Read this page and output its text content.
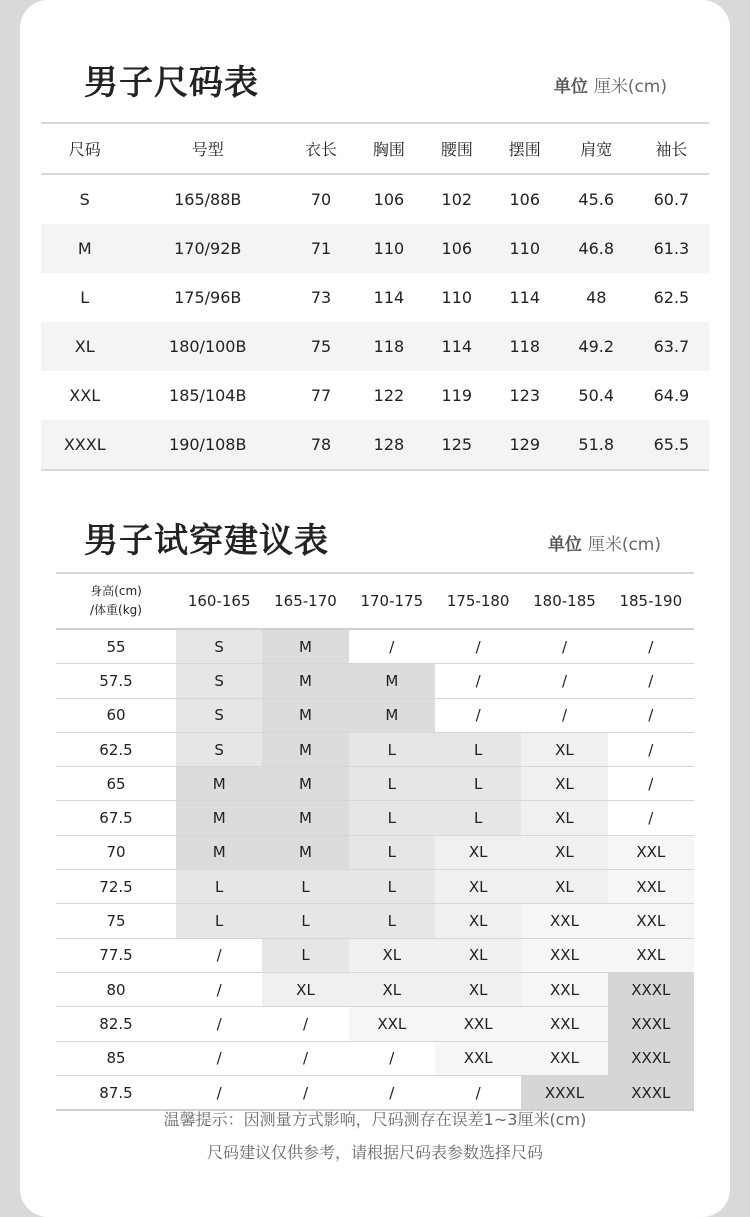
男子尺码表	单位 厘米(cm)
尺码	号型	衣长	胸围	腰围	摆围	肩宽	袖长
S	165/88B	70	106	102	106	45.6	60.7
M	170/92B	71	110	106	110	46.8	61.3
L	175/96B	73	114	110	114	48	62.5
XL	180/100B	75	118	114	118	49.2	63.7
XXL	185/104B	77	122	119	123	50.4	64.9
XXXL	190/108B	78	128	125	129	51.8	65.5
男子试穿建议表	单位 厘米(cm)
身高(cm)
/体重(kg)	160-165	165-170	170-175	175-180	180-185	185-190
55	S	M	/	/	/	/
57.5	S	M	M	/	/	/
60	S	M	M	/	/	/
62.5	S	M	L	L	XL	/
65	M	M	L	L	XL	/
67.5	M	M	L	L	XL	/
70	M	M	L	XL	XL	XXL
72.5	L	L	L	XL	XL	XXL
75	L	L	L	XL	XXL	XXL
77.5	/	L	XL	XL	XXL	XXL
80	/	XL	XL	XL	XXL	XXXL
82.5	/	/	XXL	XXL	XXL	XXXL
85	/	/	/	XXL	XXL	XXXL
87.5	/	/	/	/	XXXL	XXXL
温馨提示：因测量方式影响，尺码测存在误差1~3厘米(cm)
尺码建议仅供参考，请根据尺码表参数选择尺码
